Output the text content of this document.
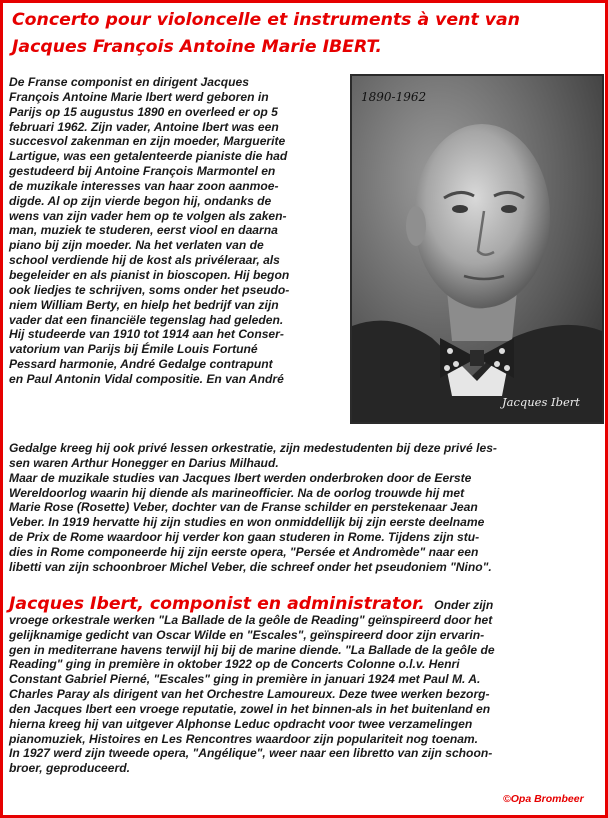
Concerto pour violoncelle et instruments à vent van
Jacques François Antoine Marie IBERT.
1890-1962
Jacques Ibert
De Franse componist en dirigent Jacques
François Antoine Marie Ibert werd geboren in
Parijs op 15 augustus 1890 en overleed er op 5
februari 1962. Zijn vader, Antoine Ibert was een
succesvol zakenman en zijn moeder, Marguerite
Lartigue, was een getalenteerde pianiste die had
gestudeerd bij Antoine François Marmontel en
de muzikale interesses van haar zoon aanmoe-
digde. Al op zijn vierde begon hij, ondanks de
wens van zijn vader hem op te volgen als zaken-
man, muziek te studeren, eerst viool en daarna
piano bij zijn moeder. Na het verlaten van de
school verdiende hij de kost als privéleraar, als
begeleider en als pianist in bioscopen. Hij begon
ook liedjes te schrijven, soms onder het pseudo-
niem William Berty, en hielp het bedrijf van zijn
vader dat een financiële tegenslag had geleden.
Hij studeerde van 1910 tot 1914 aan het Conser-
vatorium van Parijs bij Émile Louis Fortuné
Pessard harmonie, André Gedalge contrapunt
en Paul Antonin Vidal compositie. En van André
Gedalge kreeg hij ook privé lessen orkestratie, zijn medestudenten bij deze privé les-
sen waren Arthur Honegger en Darius Milhaud.
Maar de muzikale studies van Jacques Ibert werden onderbroken door de Eerste
Wereldoorlog waarin hij diende als marineofficier. Na de oorlog trouwde hij met
Marie Rose (Rosette) Veber, dochter van de Franse schilder en perstekenaar Jean
Veber. In 1919 hervatte hij zijn studies en won onmiddellijk bij zijn eerste deelname
de Prix de Rome waardoor hij verder kon gaan studeren in Rome. Tijdens zijn stu-
dies in Rome componeerde hij zijn eerste opera, "Persée et Andromède" naar een
libetti van zijn schoonbroer Michel Veber, die schreef onder het pseudoniem "Nino".
Jacques Ibert, componist en administrator. Onder zijn
vroege orkestrale werken "La Ballade de la geôle de Reading" geïnspireerd door het
gelijknamige gedicht van Oscar Wilde en "Escales", geïnspireerd door zijn ervarin-
gen in mediterrane havens terwijl hij bij de marine diende. "La Ballade de la geôle de
Reading" ging in première in oktober 1922 op de Concerts Colonne o.l.v. Henri
Constant Gabriel Pierné, "Escales" ging in première in januari 1924 met Paul M. A.
Charles Paray als dirigent van het Orchestre Lamoureux. Deze twee werken bezorg-
den Jacques Ibert een vroege reputatie, zowel in het binnen-als in het buitenland en
hierna kreeg hij van uitgever Alphonse Leduc opdracht voor twee verzamelingen
pianomuziek, Histoires en Les Rencontres waardoor zijn populariteit nog toenam.
In 1927 werd zijn tweede opera, "Angélique", weer naar een libretto van zijn schoon-
broer, geproduceerd.
©Opa Brombeer
